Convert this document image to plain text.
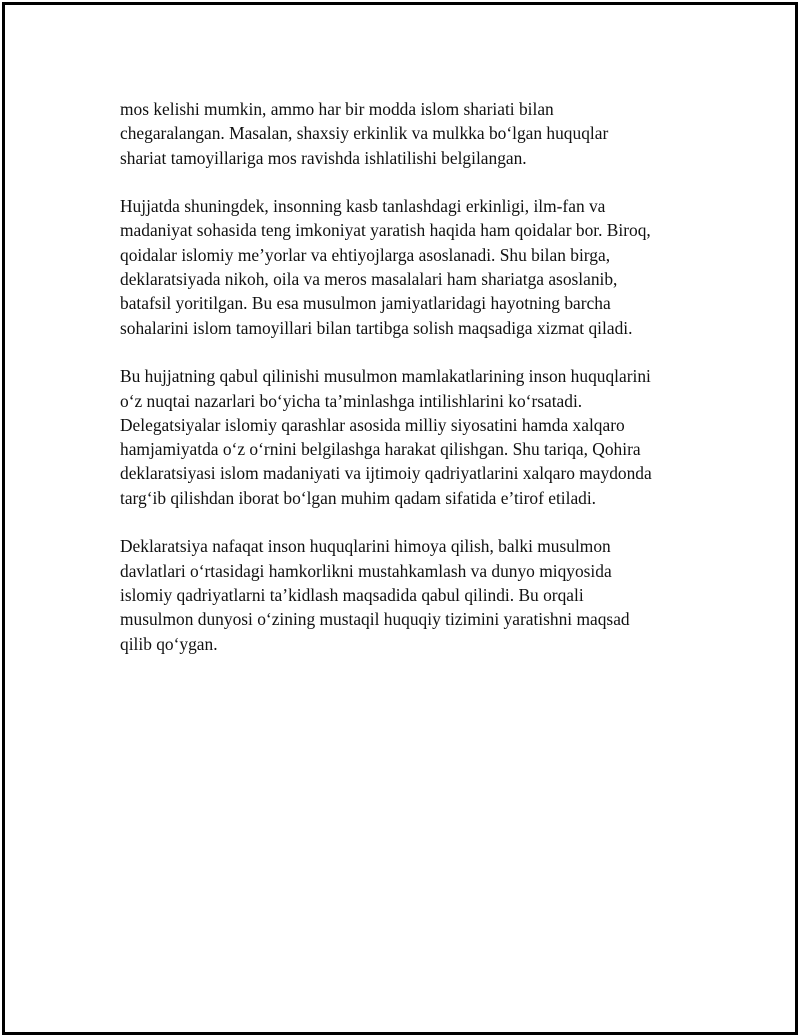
mos kelishi mumkin, ammo har bir modda islom shariati bilan
chegaralangan. Masalan, shaxsiy erkinlik va mulkka bo‘lgan huquqlar
shariat tamoyillariga mos ravishda ishlatilishi belgilangan.

Hujjatda shuningdek, insonning kasb tanlashdagi erkinligi, ilm-fan va
madaniyat sohasida teng imkoniyat yaratish haqida ham qoidalar bor. Biroq,
qoidalar islomiy me’yorlar va ehtiyojlarga asoslanadi. Shu bilan birga,
deklaratsiyada nikoh, oila va meros masalalari ham shariatga asoslanib,
batafsil yoritilgan. Bu esa musulmon jamiyatlaridagi hayotning barcha
sohalarini islom tamoyillari bilan tartibga solish maqsadiga xizmat qiladi.

Bu hujjatning qabul qilinishi musulmon mamlakatlarining inson huquqlarini
o‘z nuqtai nazarlari bo‘yicha ta’minlashga intilishlarini ko‘rsatadi.
Delegatsiyalar islomiy qarashlar asosida milliy siyosatini hamda xalqaro
hamjamiyatda o‘z o‘rnini belgilashga harakat qilishgan. Shu tariqa, Qohira
deklaratsiyasi islom madaniyati va ijtimoiy qadriyatlarini xalqaro maydonda
targ‘ib qilishdan iborat bo‘lgan muhim qadam sifatida e’tirof etiladi.

Deklaratsiya nafaqat inson huquqlarini himoya qilish, balki musulmon
davlatlari o‘rtasidagi hamkorlikni mustahkamlash va dunyo miqyosida
islomiy qadriyatlarni ta’kidlash maqsadida qabul qilindi. Bu orqali
musulmon dunyosi o‘zining mustaqil huquqiy tizimini yaratishni maqsad
qilib qo‘ygan.
